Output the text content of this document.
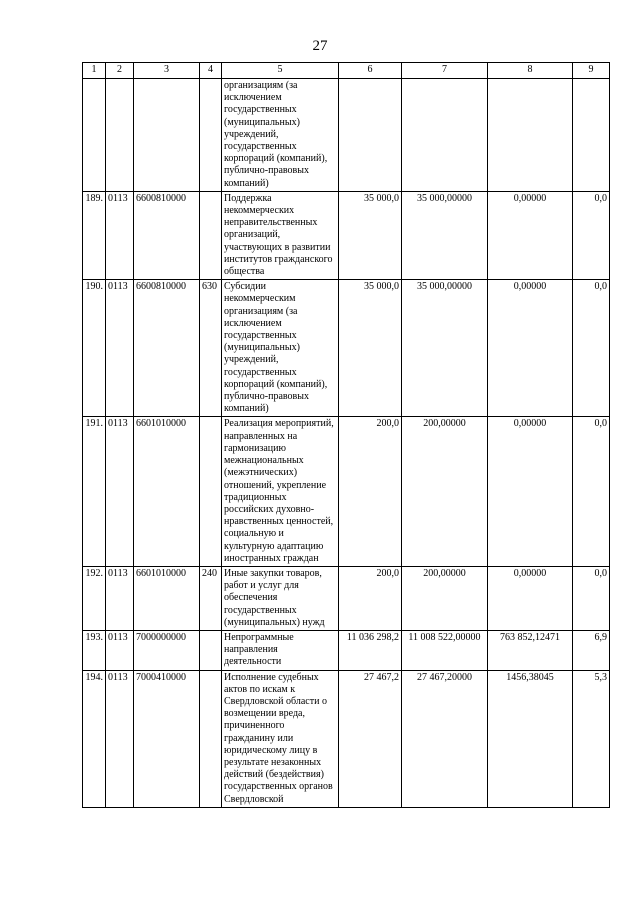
27
1	2	3	4	5	6	7	8	9
				организациям (за исключением государственных (муниципальных) учреждений, государственных корпораций (компаний), публично-правовых компаний)				
189.	0113	6600810000		Поддержка некоммерческих неправительственных организаций, участвующих в развитии институтов гражданского общества	35 000,0	35 000,00000	0,00000	0,0
190.	0113	6600810000	630	Субсидии некоммерческим организациям (за исключением государственных (муниципальных) учреждений, государственных корпораций (компаний), публично-правовых компаний)	35 000,0	35 000,00000	0,00000	0,0
191.	0113	6601010000		Реализация мероприятий, направленных на гармонизацию межнациональных (межэтнических) отношений, укрепление традиционных российских духовно-нравственных ценностей, социальную и культурную адаптацию иностранных граждан	200,0	200,00000	0,00000	0,0
192.	0113	6601010000	240	Иные закупки товаров, работ и услуг для обеспечения государственных (муниципальных) нужд	200,0	200,00000	0,00000	0,0
193.	0113	7000000000		Непрограммные направления деятельности	11 036 298,2	11 008 522,00000	763 852,12471	6,9
194.	0113	7000410000		Исполнение судебных актов по искам к Свердловской области о возмещении вреда, причиненного гражданину или юридическому лицу в результате незаконных действий (бездействия) государственных органов Свердловской	27 467,2	27 467,20000	1456,38045	5,3
